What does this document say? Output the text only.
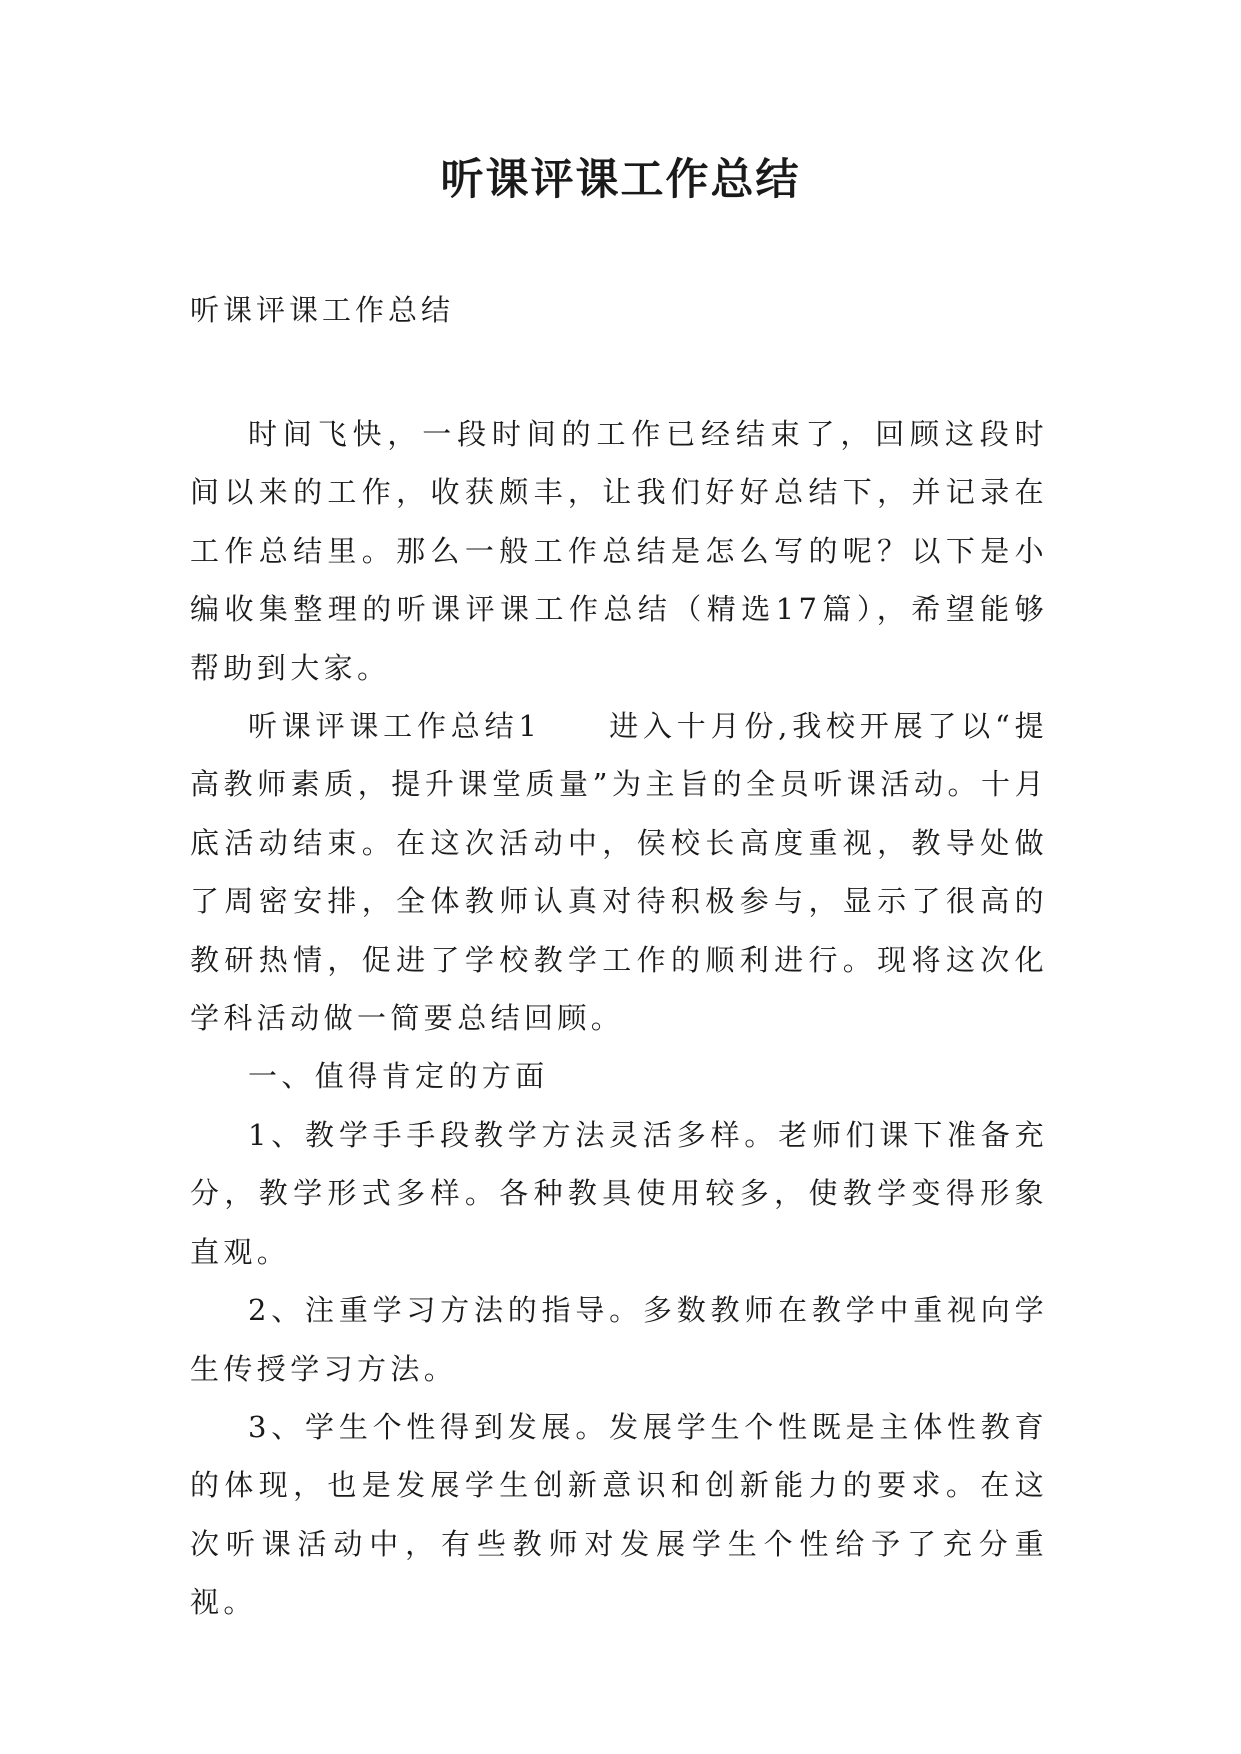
听课评课工作总结

听课评课工作总结

时间飞快，一段时间的工作已经结束了，回顾这段时间以来的工作，收获颇丰，让我们好好总结下，并记录在工作总结里。那么一般工作总结是怎么写的呢？以下是小编收集整理的听课评课工作总结（精选17篇），希望能够帮助到大家。

听课评课工作总结1　　进入十月份,我校开展了以“提高教师素质，提升课堂质量”为主旨的全员听课活动。十月底活动结束。在这次活动中，侯校长高度重视，教导处做了周密安排，全体教师认真对待积极参与，显示了很高的教研热情，促进了学校教学工作的顺利进行。现将这次化学科活动做一简要总结回顾。

一、值得肯定的方面

1、教学手手段教学方法灵活多样。老师们课下准备充分，教学形式多样。各种教具使用较多，使教学变得形象直观。

2、注重学习方法的指导。多数教师在教学中重视向学生传授学习方法。

3、学生个性得到发展。发展学生个性既是主体性教育的体现，也是发展学生创新意识和创新能力的要求。在这次听课活动中，有些教师对发展学生个性给予了充分重视。
